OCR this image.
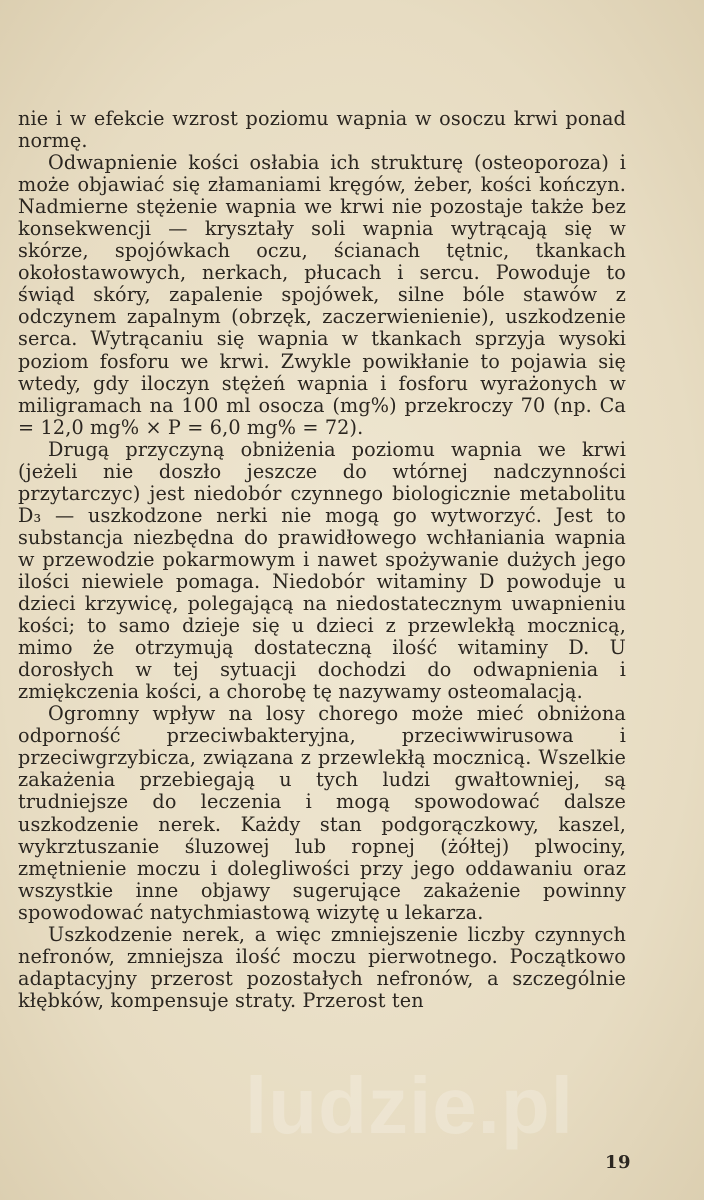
nie i w efekcie wzrost poziomu wapnia w osoczu krwi ponad normę.

Odwapnienie kości osłabia ich strukturę (osteoporoza) i może objawiać się złamaniami kręgów, żeber, kości kończyn. Nadmierne stężenie wapnia we krwi nie pozostaje także bez konsekwencji — kryształy soli wapnia wytrącają się w skórze, spojówkach oczu, ścianach tętnic, tkankach okołostawowych, nerkach, płucach i sercu. Powoduje to świąd skóry, zapalenie spojówek, silne bóle stawów z odczynem zapalnym (obrzęk, zaczerwienienie), uszkodzenie serca. Wytrącaniu się wapnia w tkankach sprzyja wysoki poziom fosforu we krwi. Zwykle powikłanie to pojawia się wtedy, gdy iloczyn stężeń wapnia i fosforu wyrażonych w miligramach na 100 ml osocza (mg%) przekroczy 70 (np. Ca = 12,0 mg% × P = 6,0 mg% = 72).

Drugą przyczyną obniżenia poziomu wapnia we krwi (jeżeli nie doszło jeszcze do wtórnej nadczynności przytarczyc) jest niedobór czynnego biologicznie metabolitu D₃ — uszkodzone nerki nie mogą go wytworzyć. Jest to substancja niezbędna do prawidłowego wchłaniania wapnia w przewodzie pokarmowym i nawet spożywanie dużych jego ilości niewiele pomaga. Niedobór witaminy D powoduje u dzieci krzywicę, polegającą na niedostatecznym uwapnieniu kości; to samo dzieje się u dzieci z przewlekłą mocznicą, mimo że otrzymują dostateczną ilość witaminy D. U dorosłych w tej sytuacji dochodzi do odwapnienia i zmiękczenia kości, a chorobę tę nazywamy osteomalacją.

Ogromny wpływ na losy chorego może mieć obniżona odporność przeciwbakteryjna, przeciwwirusowa i przeciwgrzybicza, związana z przewlekłą mocznicą. Wszelkie zakażenia przebiegają u tych ludzi gwałtowniej, są trudniejsze do leczenia i mogą spowodować dalsze uszkodzenie nerek. Każdy stan podgorączkowy, kaszel, wykrztuszanie śluzowej lub ropnej (żółtej) plwociny, zmętnienie moczu i dolegliwości przy jego oddawaniu oraz wszystkie inne objawy sugerujące zakażenie powinny spowodować natychmiastową wizytę u lekarza.

Uszkodzenie nerek, a więc zmniejszenie liczby czynnych nefronów, zmniejsza ilość moczu pierwotnego. Początkowo adaptacyjny przerost pozostałych nefronów, a szczególnie kłębków, kompensuje straty. Przerost ten

ludzie.pl
19
